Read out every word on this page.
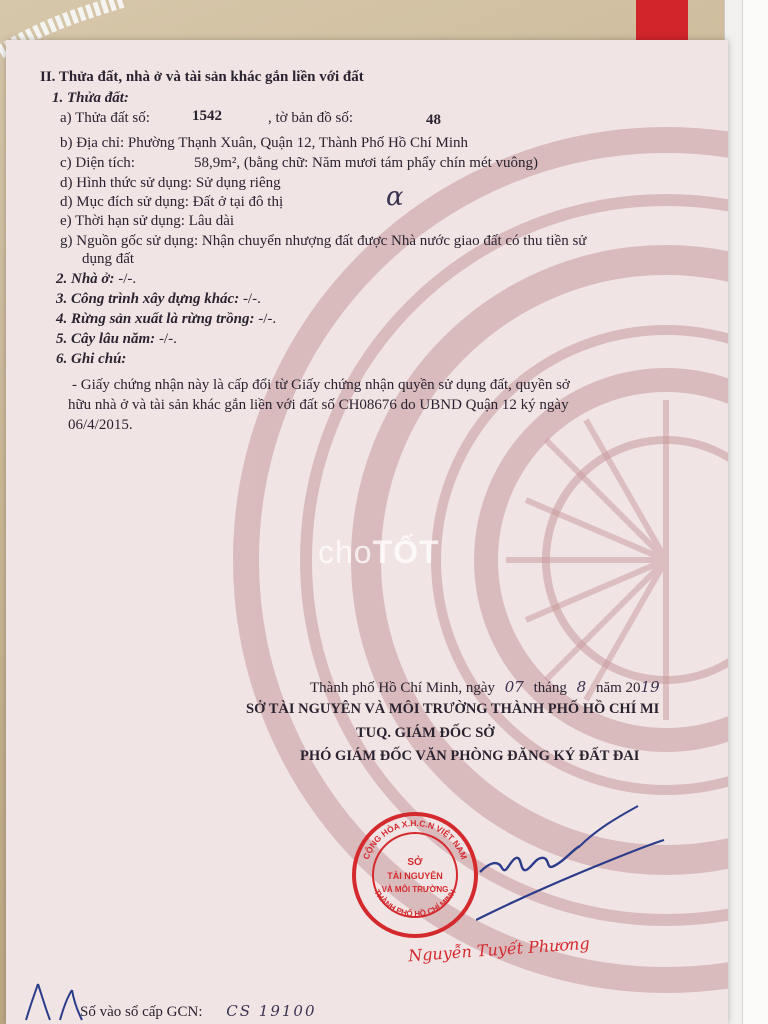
II. Thửa đất, nhà ở và tài sản khác gắn liền với đất
1. Thửa đất:
a) Thửa đất số:	1542	, tờ bản đồ số:	48
b) Địa chỉ: Phường Thạnh Xuân, Quận 12, Thành Phố Hồ Chí Minh
c) Diện tích:	58,9m², (bằng chữ: Năm mươi tám phẩy chín mét vuông)
d) Hình thức sử dụng: Sử dụng riêng
d) Mục đích sử dụng: Đất ở tại đô thị	α
e) Thời hạn sử dụng: Lâu dài
g) Nguồn gốc sử dụng: Nhận chuyển nhượng đất được Nhà nước giao đất có thu tiền sử
dụng đất
2. Nhà ở: -/-.
3. Công trình xây dựng khác: -/-.
4. Rừng sản xuất là rừng trồng: -/-.
5. Cây lâu năm: -/-.
6. Ghi chú:
- Giấy chứng nhận này là cấp đổi từ Giấy chứng nhận quyền sử dụng đất, quyền sở
hữu nhà ở và tài sản khác gắn liền với đất số CH08676 do UBND Quận 12 ký ngày
06/4/2015.
choTỐT
Thành phố Hồ Chí Minh, ngày 07 tháng 8 năm 2019
SỞ TÀI NGUYÊN VÀ MÔI TRƯỜNG THÀNH PHỐ HỒ CHÍ MI
TUQ. GIÁM ĐỐC SỞ
PHÓ GIÁM ĐỐC VĂN PHÒNG ĐĂNG KÝ ĐẤT ĐAI
CỘNG HÒA X.H.C.N VIỆT NAM
THÀNH PHỐ HỒ CHÍ MINH
SỞ
TÀI NGUYÊN
VÀ MÔI TRƯỜNG
Nguyễn Tuyết Phương
Số vào sổ cấp GCN: CS 19100
